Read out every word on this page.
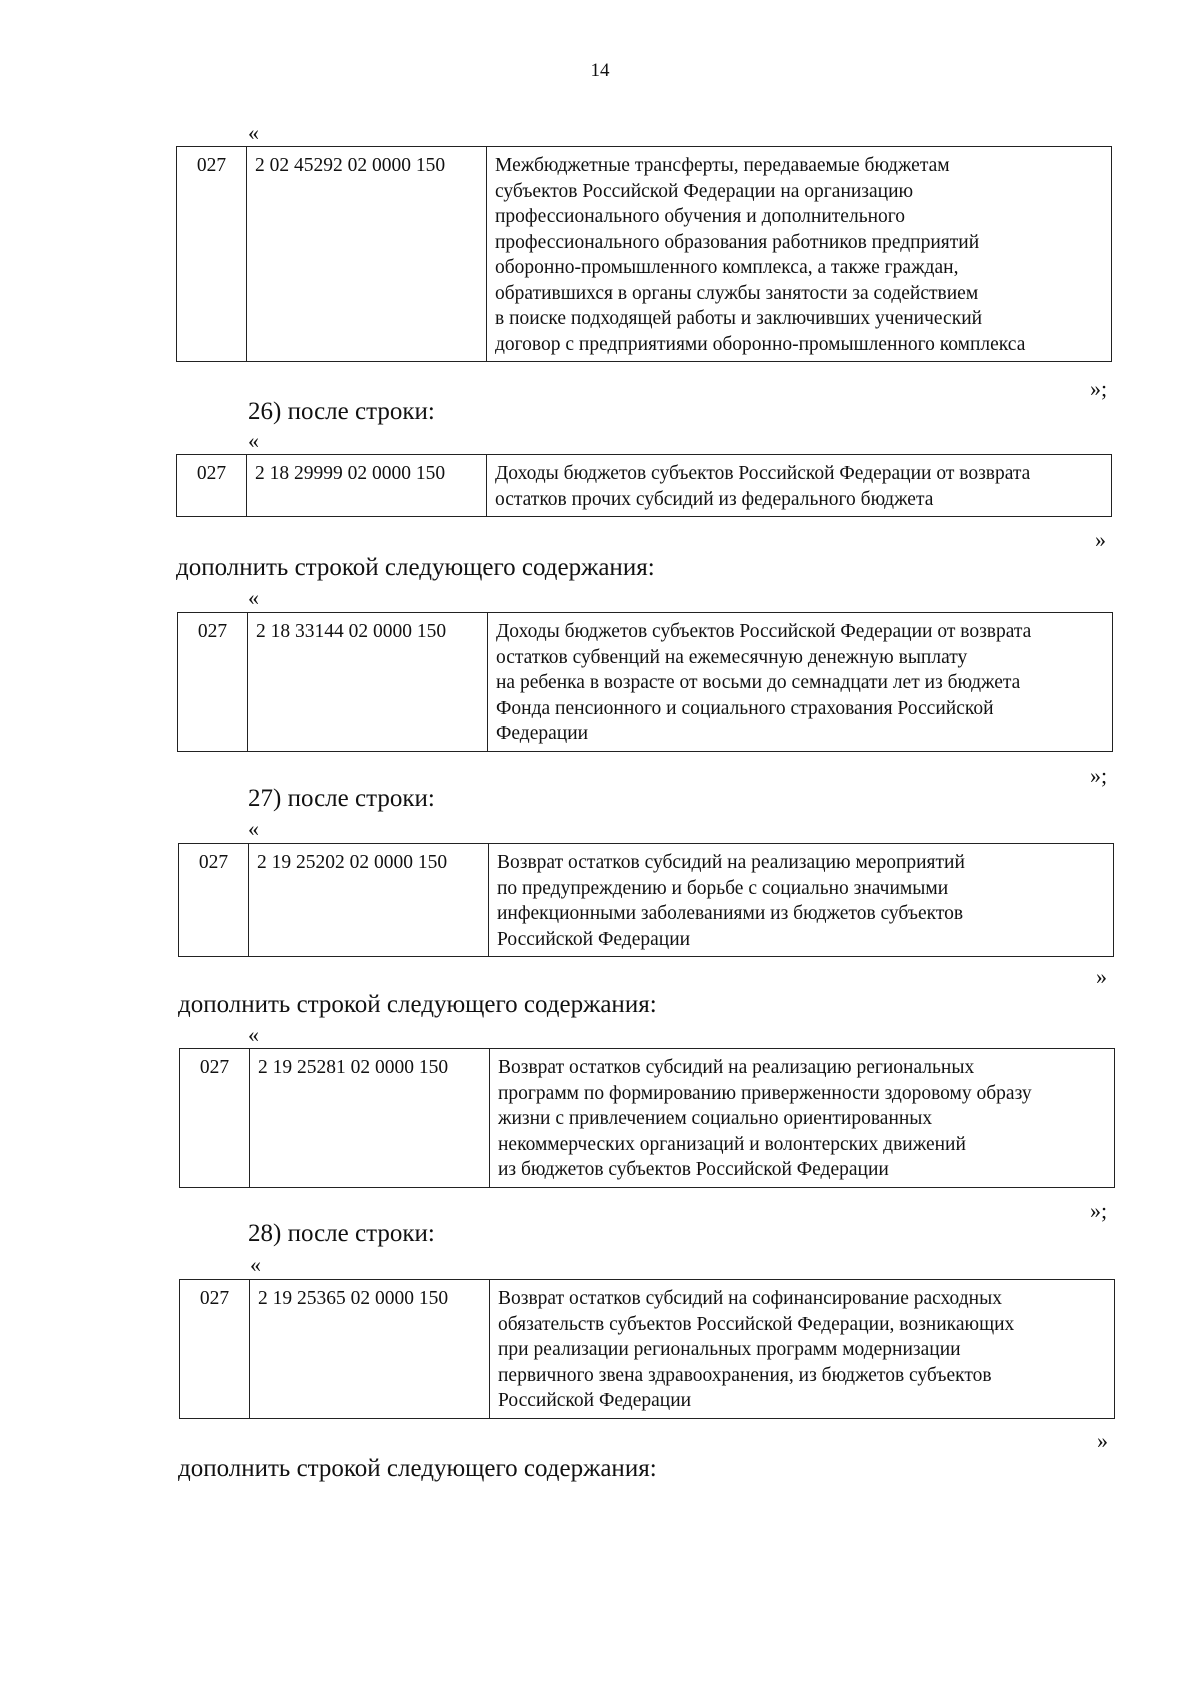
14
«
027	2 02 45292 02 0000 150	Межбюджетные трансферты, передаваемые бюджетам
субъектов Российской Федерации на организацию
профессионального обучения и дополнительного
профессионального образования работников предприятий
оборонно-промышленного комплекса, а также граждан,
обратившихся в органы службы занятости за содействием
в поиске подходящей работы и заключивших ученический
договор с предприятиями оборонно-промышленного комплекса
»;
26) после строки:
«
027	2 18 29999 02 0000 150	Доходы бюджетов субъектов Российской Федерации от возврата
остатков прочих субсидий из федерального бюджета
»
дополнить строкой следующего содержания:
«
027	2 18 33144 02 0000 150	Доходы бюджетов субъектов Российской Федерации от возврата
остатков субвенций на ежемесячную денежную выплату
на ребенка в возрасте от восьми до семнадцати лет из бюджета
Фонда пенсионного и социального страхования Российской
Федерации
»;
27) после строки:
«
027	2 19 25202 02 0000 150	Возврат остатков субсидий на реализацию мероприятий
по предупреждению и борьбе с социально значимыми
инфекционными заболеваниями из бюджетов субъектов
Российской Федерации
»
дополнить строкой следующего содержания:
«
027	2 19 25281 02 0000 150	Возврат остатков субсидий на реализацию региональных
программ по формированию приверженности здоровому образу
жизни с привлечением социально ориентированных
некоммерческих организаций и волонтерских движений
из бюджетов субъектов Российской Федерации
»;
28) после строки:
«
027	2 19 25365 02 0000 150	Возврат остатков субсидий на софинансирование расходных
обязательств субъектов Российской Федерации, возникающих
при реализации региональных программ модернизации
первичного звена здравоохранения, из бюджетов субъектов
Российской Федерации
»
дополнить строкой следующего содержания:
